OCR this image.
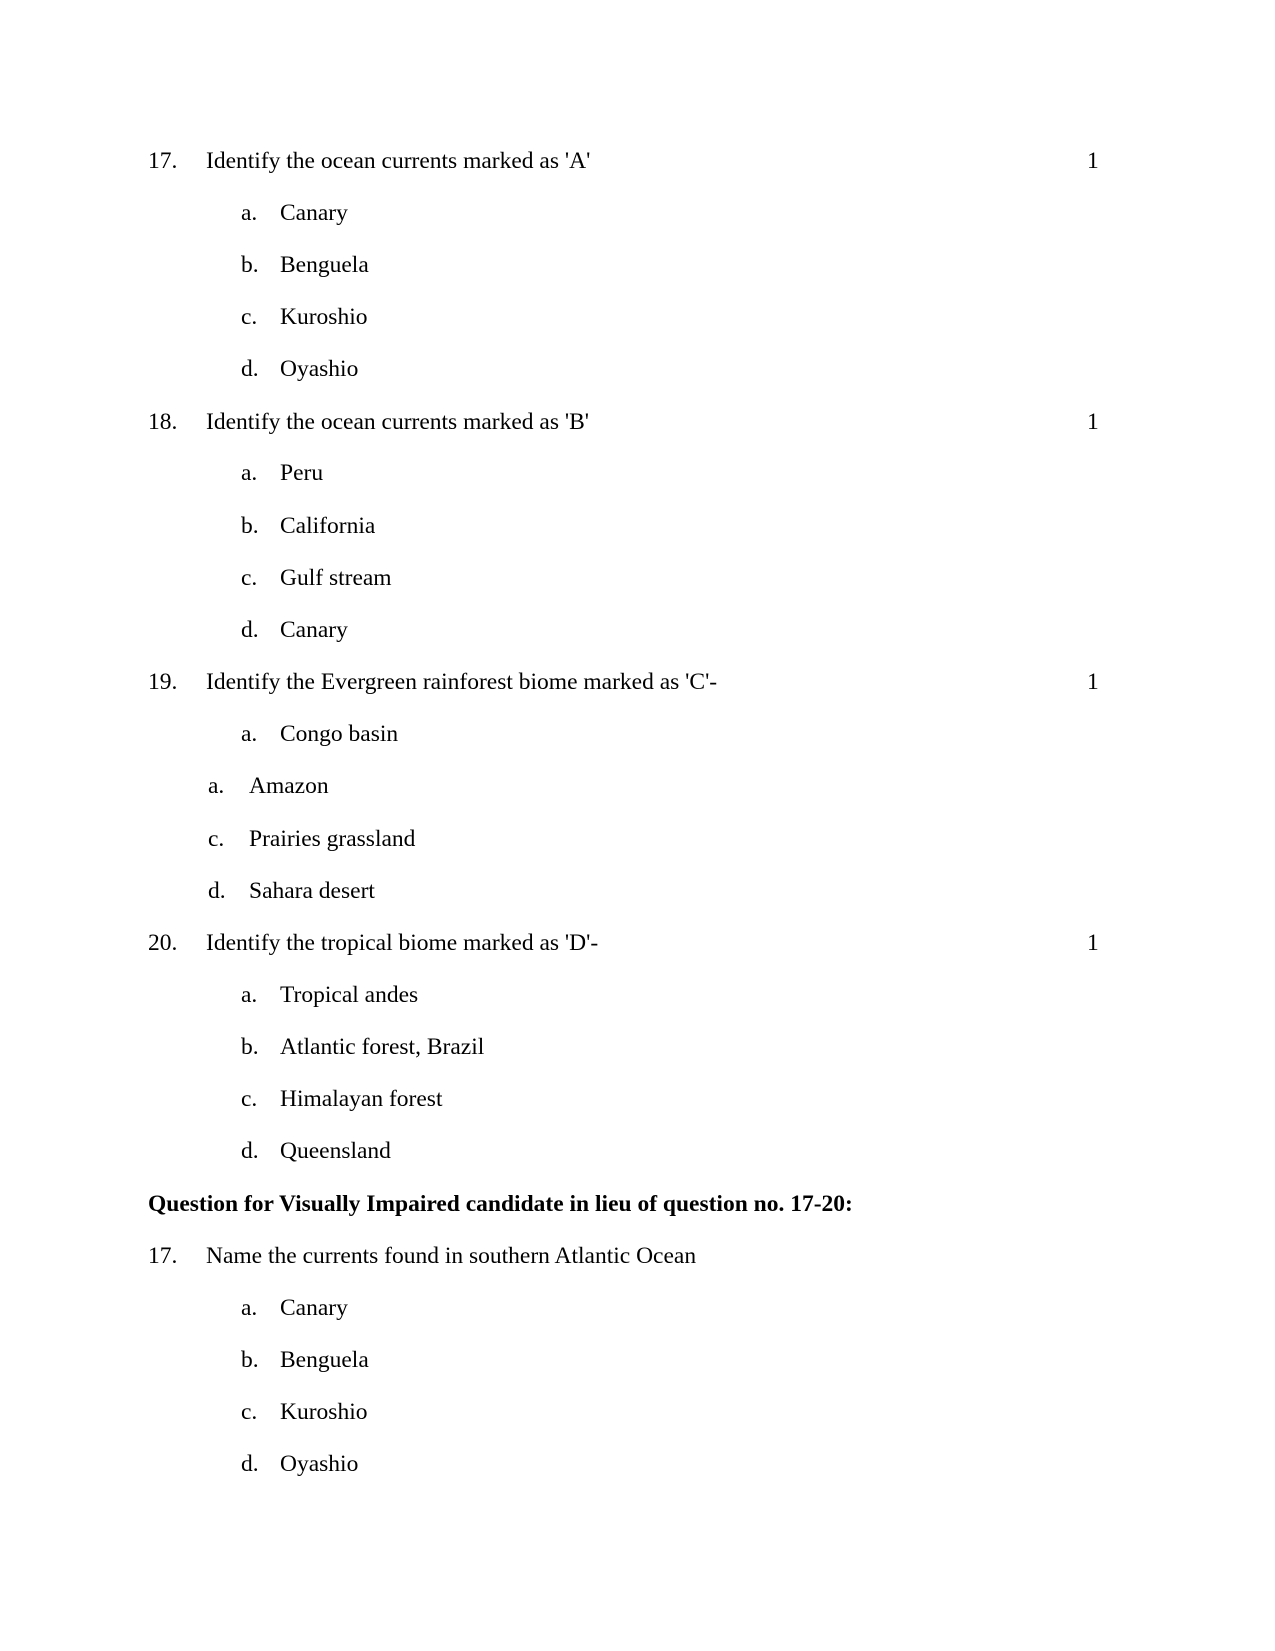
17. Identify the ocean currents marked as 'A'	1
a. Canary
b. Benguela
c. Kuroshio
d. Oyashio
18. Identify the ocean currents marked as 'B'	1
a. Peru
b. California
c. Gulf stream
d. Canary
19. Identify the Evergreen rainforest biome marked as 'C'-	1
a. Congo basin
a. Amazon
c. Prairies grassland
d. Sahara desert
20. Identify the tropical biome marked as 'D'-	1
a. Tropical andes
b. Atlantic forest, Brazil
c. Himalayan forest
d. Queensland
Question for Visually Impaired candidate in lieu of question no. 17-20:
17. Name the currents found in southern Atlantic Ocean
a. Canary
b. Benguela
c. Kuroshio
d. Oyashio
